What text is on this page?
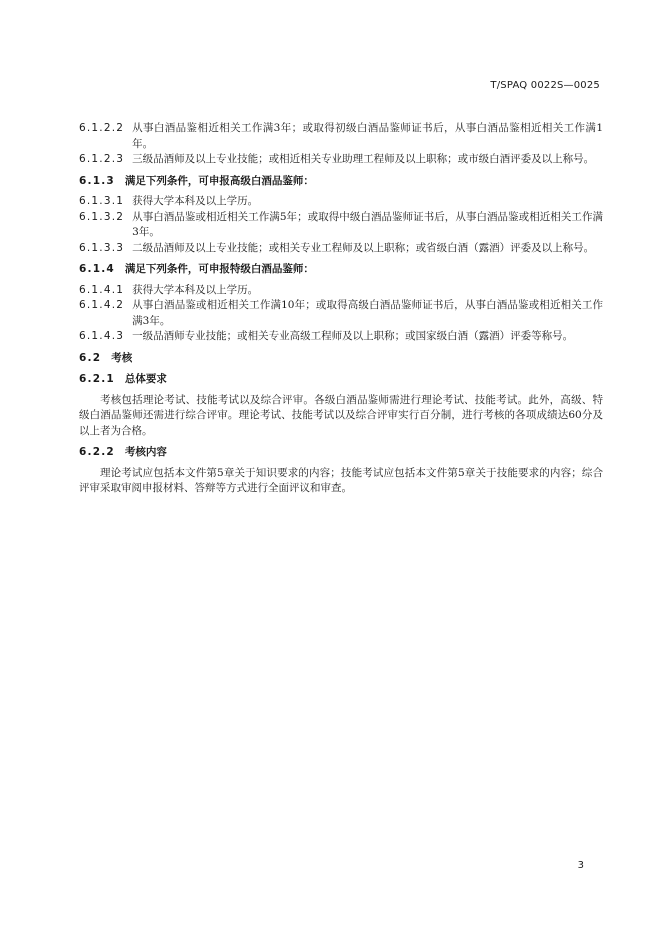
T/SPAQ 0022S—0025
6.1.2.2 从事白酒品鉴相近相关工作满3年；或取得初级白酒品鉴师证书后，从事白酒品鉴相近相关工作满1年。
6.1.2.3 三级品酒师及以上专业技能；或相近相关专业助理工程师及以上职称；或市级白酒评委及以上称号。
6.1.3 满足下列条件，可申报高级白酒品鉴师：
6.1.3.1 获得大学本科及以上学历。
6.1.3.2 从事白酒品鉴或相近相关工作满5年；或取得中级白酒品鉴师证书后，从事白酒品鉴或相近相关工作满3年。
6.1.3.3 二级品酒师及以上专业技能；或相关专业工程师及以上职称；或省级白酒（露酒）评委及以上称号。
6.1.4 满足下列条件，可申报特级白酒品鉴师：
6.1.4.1 获得大学本科及以上学历。
6.1.4.2 从事白酒品鉴或相近相关工作满10年；或取得高级白酒品鉴师证书后，从事白酒品鉴或相近相关工作满3年。
6.1.4.3 一级品酒师专业技能；或相关专业高级工程师及以上职称；或国家级白酒（露酒）评委等称号。
6.2 考核
6.2.1 总体要求

考核包括理论考试、技能考试以及综合评审。各级白酒品鉴师需进行理论考试、技能考试。此外，高级、特级白酒品鉴师还需进行综合评审。理论考试、技能考试以及综合评审实行百分制，进行考核的各项成绩达60分及以上者为合格。

6.2.2 考核内容

理论考试应包括本文件第5章关于知识要求的内容；技能考试应包括本文件第5章关于技能要求的内容；综合评审采取审阅申报材料、答辩等方式进行全面评议和审查。

3
